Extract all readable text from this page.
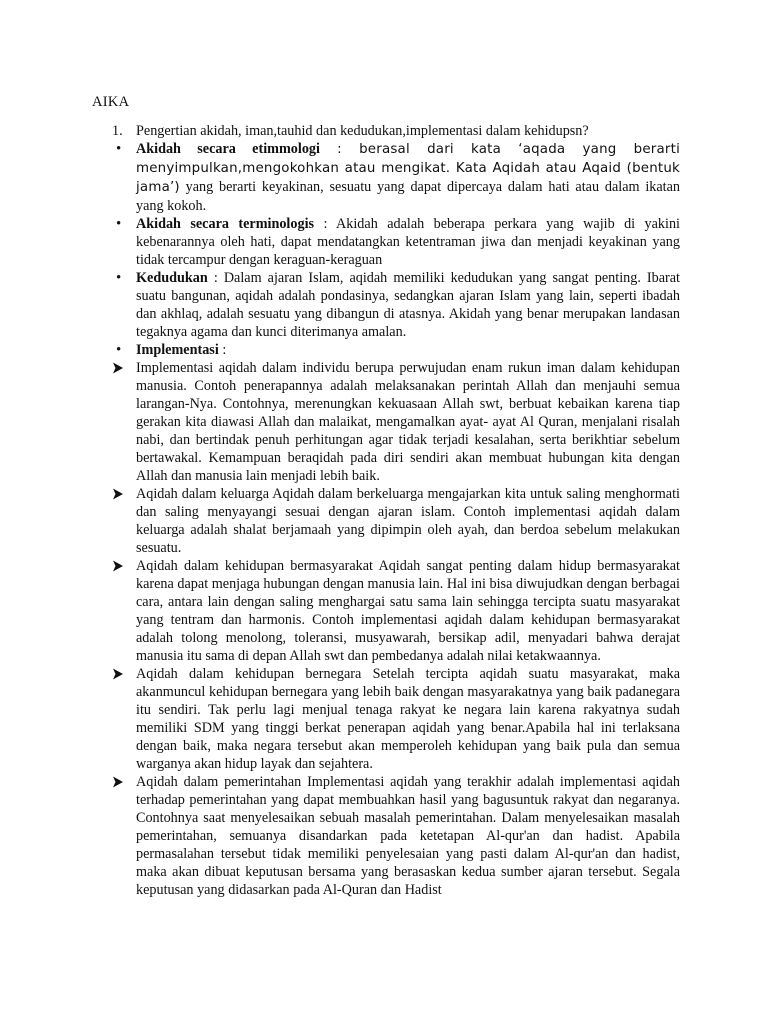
AIKA
1. Pengertian akidah, iman,tauhid dan kedudukan,implementasi dalam kehidupsn?
•	Akidah secara etimmologi : berasal dari kata ‘aqada yang berarti menyimpulkan,mengokohkan atau mengikat. Kata Aqidah atau Aqaid (bentuk jama’) yang berarti keyakinan, sesuatu yang dapat dipercaya dalam hati atau dalam ikatan yang kokoh.
•	Akidah secara terminologis : Akidah adalah beberapa perkara yang wajib di yakini kebenarannya oleh hati, dapat mendatangkan ketentraman jiwa dan menjadi keyakinan yang tidak tercampur dengan keraguan-keraguan
•	Kedudukan : Dalam ajaran Islam, aqidah memiliki kedudukan yang sangat penting. Ibarat suatu bangunan, aqidah adalah pondasinya, sedangkan ajaran Islam yang lain, seperti ibadah dan akhlaq, adalah sesuatu yang dibangun di atasnya. Akidah yang benar merupakan landasan tegaknya agama dan kunci diterimanya amalan.
•	Implementasi :
Implementasi aqidah dalam individu berupa perwujudan enam rukun iman dalam kehidupan manusia. Contoh penerapannya adalah melaksanakan perintah Allah dan menjauhi semua larangan-Nya. Contohnya, merenungkan kekuasaan Allah swt, berbuat kebaikan karena tiap gerakan kita diawasi Allah dan malaikat, mengamalkan ayat- ayat Al Quran, menjalani risalah nabi, dan bertindak penuh perhitungan agar tidak terjadi kesalahan, serta berikhtiar sebelum bertawakal. Kemampuan beraqidah pada diri sendiri akan membuat hubungan kita dengan Allah dan manusia lain menjadi lebih baik.
Aqidah dalam keluarga Aqidah dalam berkeluarga mengajarkan kita untuk saling menghormati dan saling menyayangi sesuai dengan ajaran islam. Contoh implementasi aqidah dalam keluarga adalah shalat berjamaah yang dipimpin oleh ayah, dan berdoa sebelum melakukan sesuatu.
Aqidah dalam kehidupan bermasyarakat Aqidah sangat penting dalam hidup bermasyarakat karena dapat menjaga hubungan dengan manusia lain. Hal ini bisa diwujudkan dengan berbagai cara, antara lain dengan saling menghargai satu sama lain sehingga tercipta suatu masyarakat yang tentram dan harmonis. Contoh implementasi aqidah dalam kehidupan bermasyarakat adalah tolong menolong, toleransi, musyawarah, bersikap adil, menyadari bahwa derajat manusia itu sama di depan Allah swt dan pembedanya adalah nilai ketakwaannya.
Aqidah dalam kehidupan bernegara Setelah tercipta aqidah suatu masyarakat, maka akanmuncul kehidupan bernegara yang lebih baik dengan masyarakatnya yang baik padanegara itu sendiri. Tak perlu lagi menjual tenaga rakyat ke negara lain karena rakyatnya sudah memiliki SDM yang tinggi berkat penerapan aqidah yang benar.Apabila hal ini terlaksana dengan baik, maka negara tersebut akan memperoleh kehidupan yang baik pula dan semua warganya akan hidup layak dan sejahtera.
Aqidah dalam pemerintahan Implementasi aqidah yang terakhir adalah implementasi aqidah terhadap pemerintahan yang dapat membuahkan hasil yang bagusuntuk rakyat dan negaranya. Contohnya saat menyelesaikan sebuah masalah pemerintahan. Dalam menyelesaikan masalah pemerintahan, semuanya disandarkan pada ketetapan Al-qur'an dan hadist. Apabila permasalahan tersebut tidak memiliki penyelesaian yang pasti dalam Al-qur'an dan hadist, maka akan dibuat keputusan bersama yang berasaskan kedua sumber ajaran tersebut. Segala keputusan yang didasarkan pada Al-Quran dan Hadist
